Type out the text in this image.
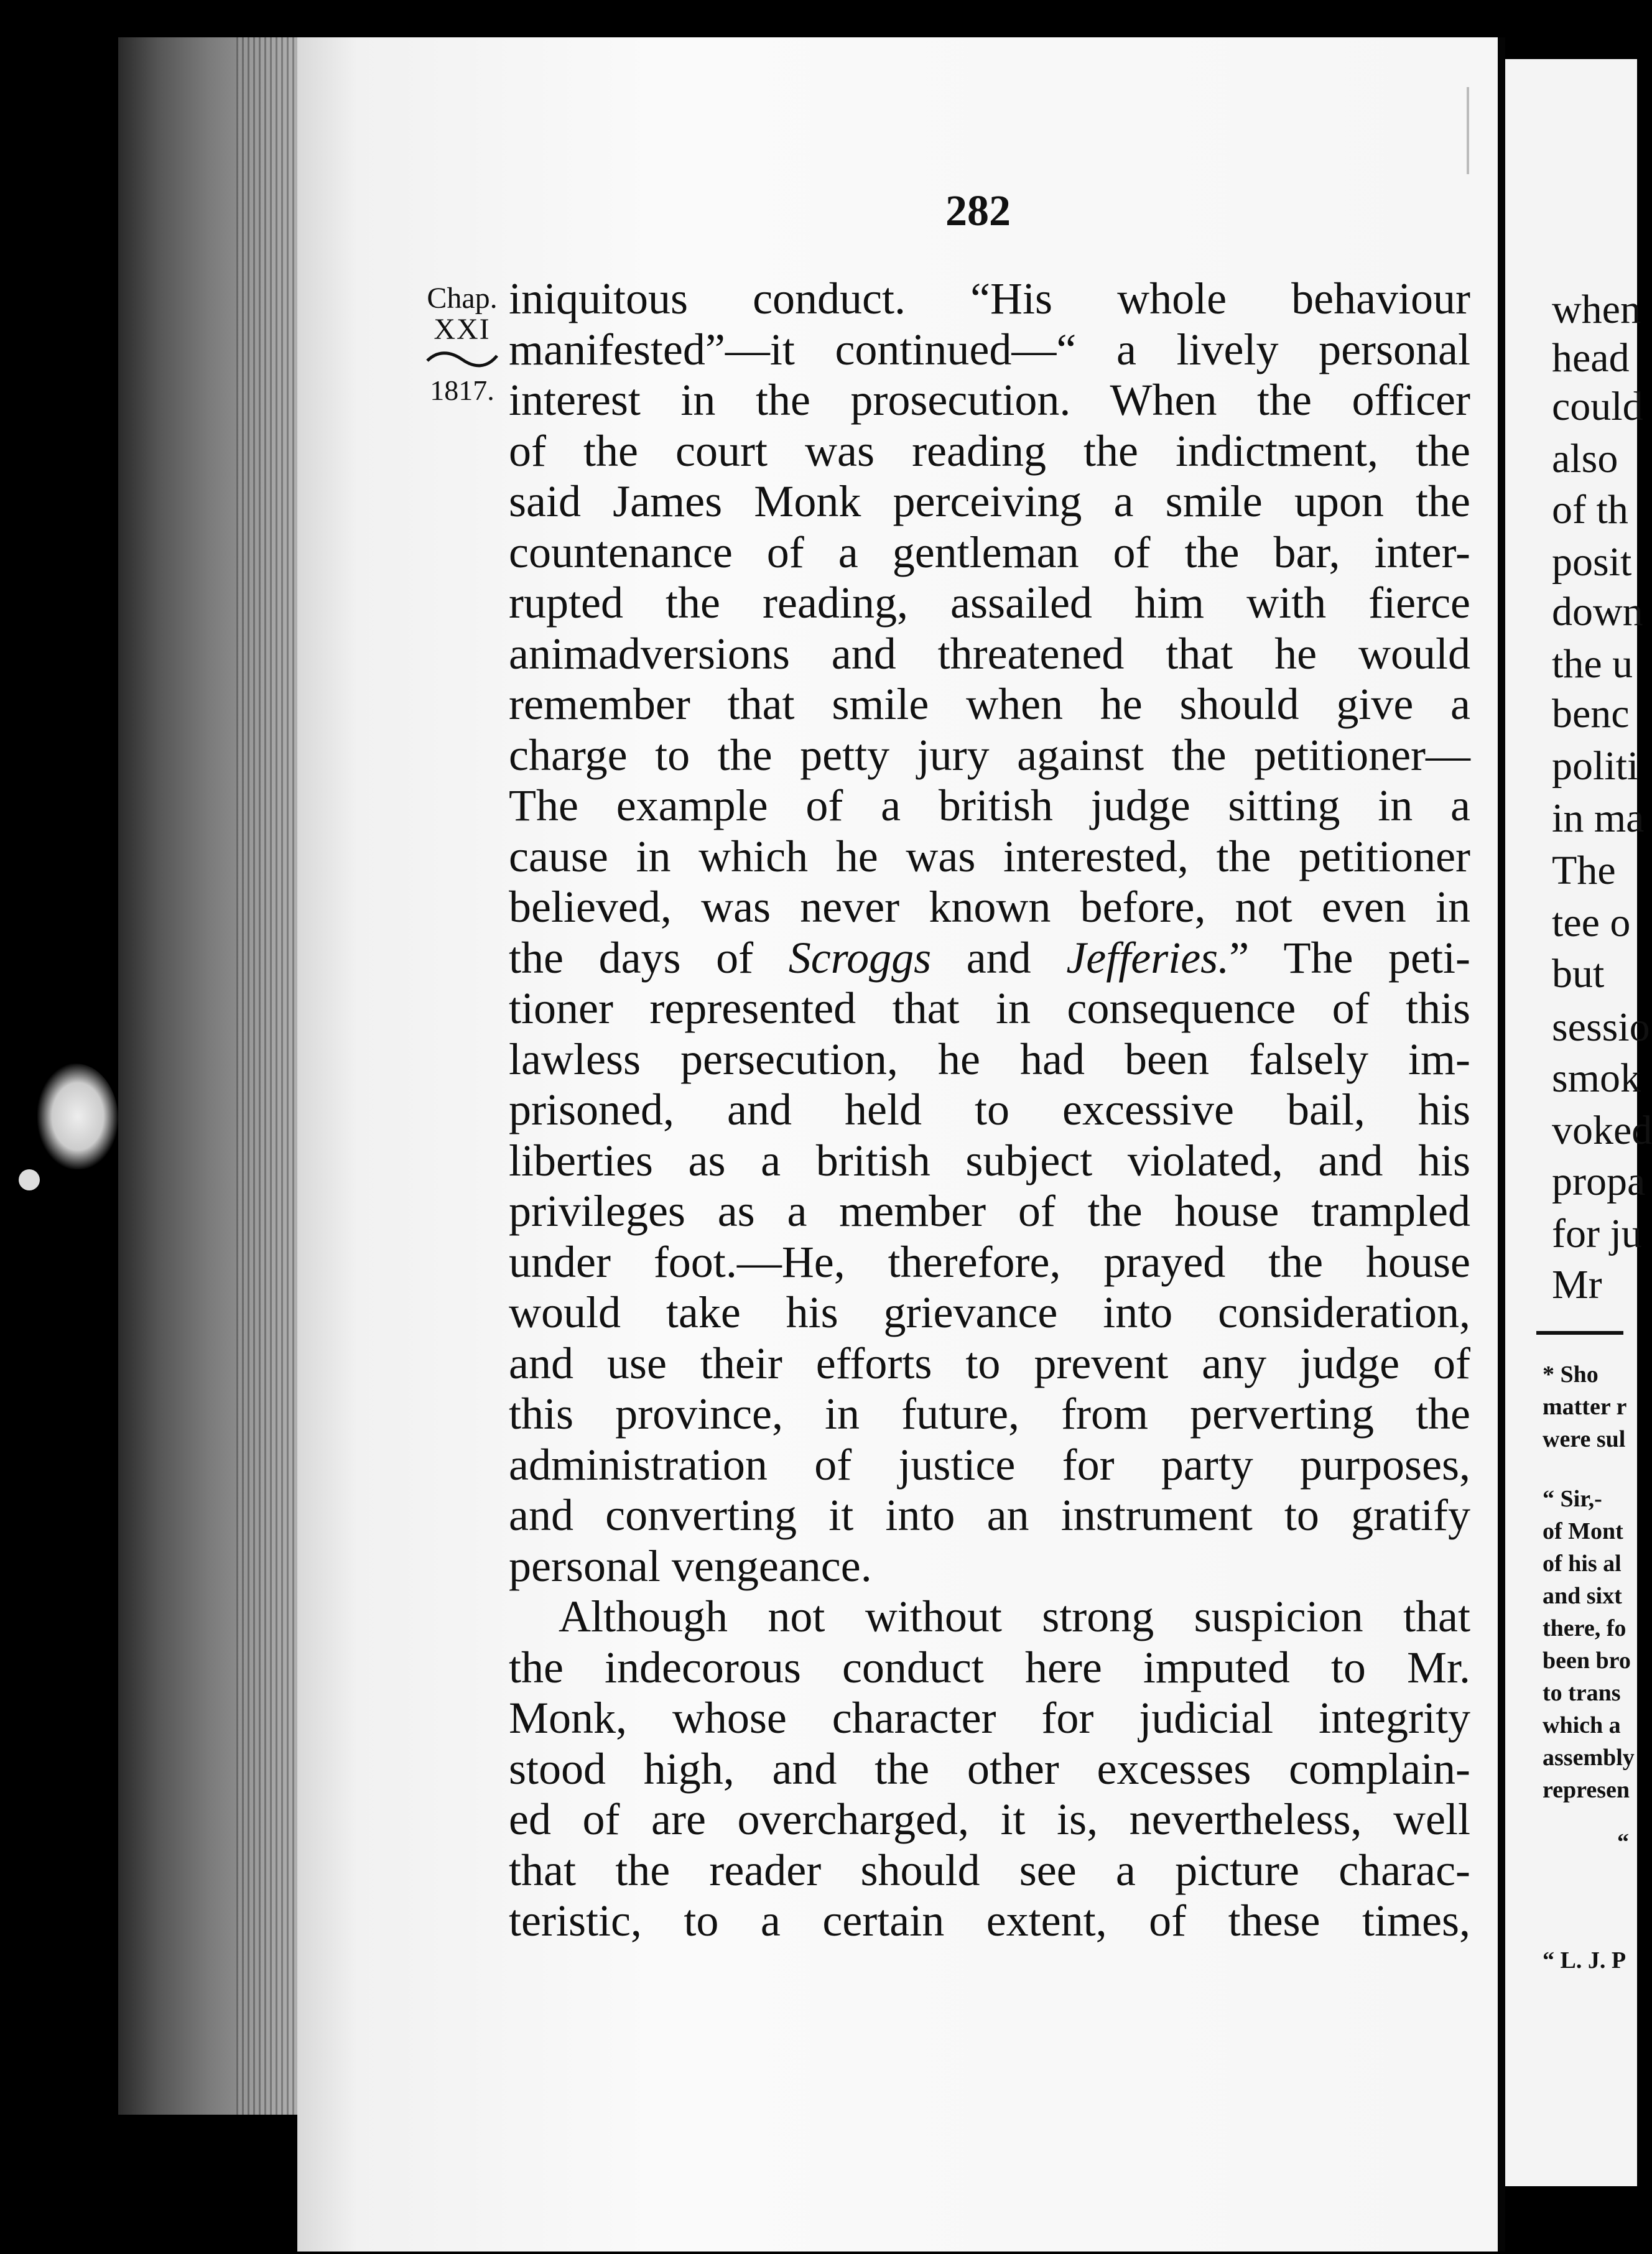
282
Chap.
XXI
1817.
iniquitous conduct. “His whole behaviour
manifested”—it continued—“ a lively personal
interest in the prosecution. When the officer
of the court was reading the indictment, the
said James Monk perceiving a smile upon the
countenance of a gentleman of the bar, inter-
rupted the reading, assailed him with fierce
animadversions and threatened that he would
remember that smile when he should give a
charge to the petty jury against the petitioner—
The example of a british judge sitting in a
cause in which he was interested, the petitioner
believed, was never known before, not even in
the days of Scroggs and Jefferies.” The peti-
tioner represented that in consequence of this
lawless persecution, he had been falsely im-
prisoned, and held to excessive bail, his
liberties as a british subject violated, and his
privileges as a member of the house trampled
under foot.—He, therefore, prayed the house
would take his grievance into consideration,
and use their efforts to prevent any judge of
this province, in future, from perverting the
administration of justice for party purposes,
and converting it into an instrument to gratify
personal vengeance.
Although not without strong suspicion that
the indecorous conduct here imputed to Mr.
Monk, whose character for judicial integrity
stood high, and the other excesses complain-
ed of are overcharged, it is, nevertheless, well
that the reader should see a picture charac-
teristic, to a certain extent, of these times,
when
head
could
also
of th
posit
down
the u
benc
politi
in ma
The
tee o
but
sessio
smok
voked
propa
for ju
Mr
* Sho
matter r
were sul
“ Sir,-
of Mont
of his al
and sixt
there, fo
been bro
to trans
which a
assembly
represen
“
“ L. J. P
